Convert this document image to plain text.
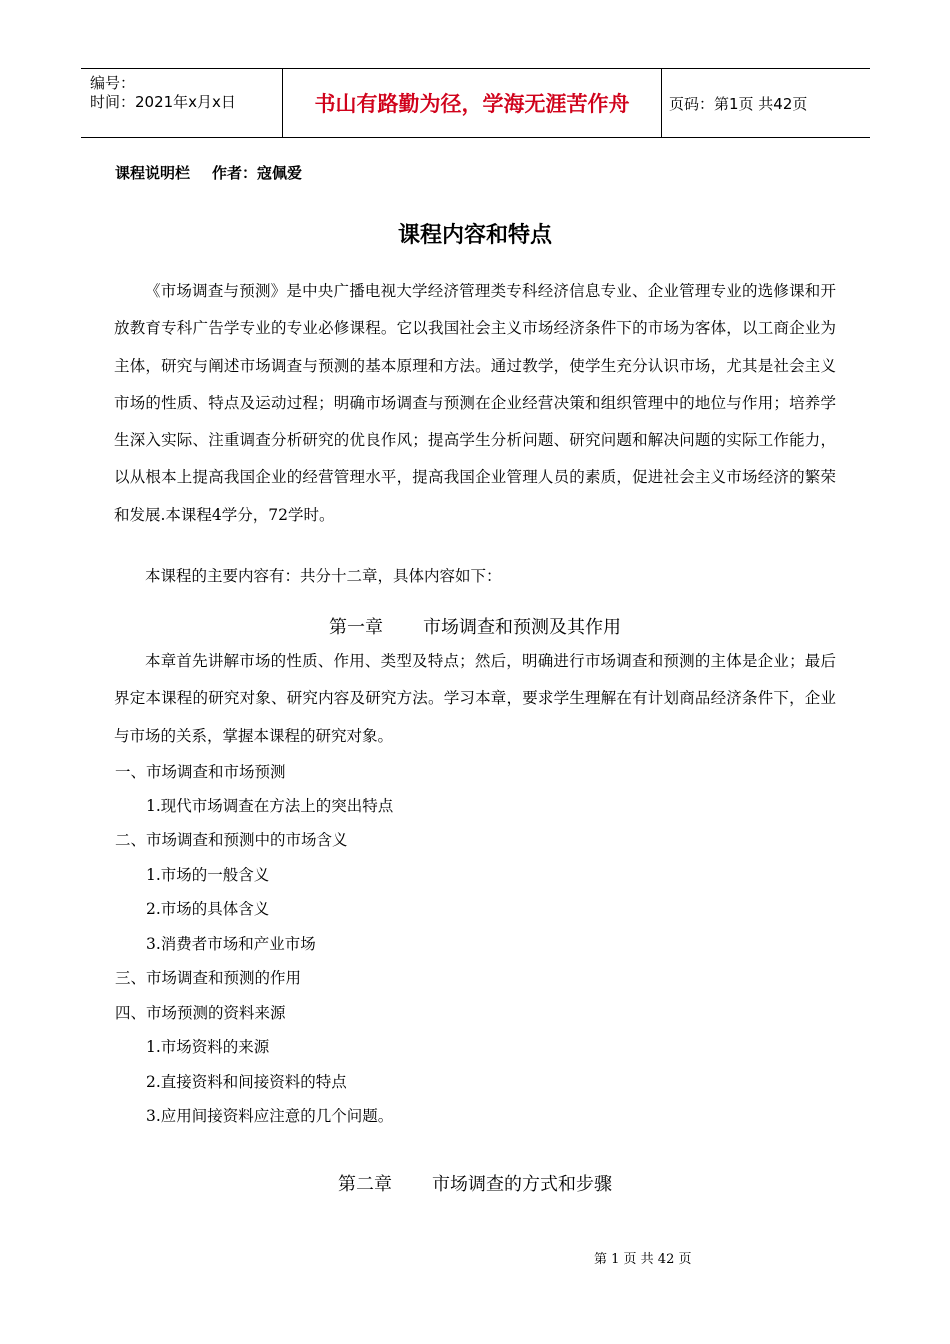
编号：
时间：2021年x月x日	书山有路勤为径，学海无涯苦作舟	页码：第1页 共42页
课程说明栏 作者：寇佩爱
课程内容和特点

《市场调查与预测》是中央广播电视大学经济管理类专科经济信息专业、企业管理专业的选修课和开放教育专科广告学专业的专业必修课程。它以我国社会主义市场经济条件下的市场为客体，以工商企业为主体，研究与阐述市场调查与预测的基本原理和方法。通过教学，使学生充分认识市场，尤其是社会主义市场的性质、特点及运动过程；明确市场调查与预测在企业经营决策和组织管理中的地位与作用；培养学生深入实际、注重调查分析研究的优良作风；提高学生分析问题、研究问题和解决问题的实际工作能力，以从根本上提高我国企业的经营管理水平，提高我国企业管理人员的素质，促进社会主义市场经济的繁荣和发展.本课程4学分，72学时。

本课程的主要内容有：共分十二章，具体内容如下：

第一章 市场调查和预测及其作用

本章首先讲解市场的性质、作用、类型及特点；然后，明确进行市场调查和预测的主体是企业；最后界定本课程的研究对象、研究内容及研究方法。学习本章，要求学生理解在有计划商品经济条件下，企业与市场的关系，掌握本课程的研究对象。

一、市场调查和市场预测
1.现代市场调查在方法上的突出特点
二、市场调查和预测中的市场含义
1.市场的一般含义
2.市场的具体含义
3.消费者市场和产业市场
三、市场调查和预测的作用
四、市场预测的资料来源
1.市场资料的来源
2.直接资料和间接资料的特点
3.应用间接资料应注意的几个问题。
第二章 市场调查的方式和步骤
第 1 页 共 42 页
